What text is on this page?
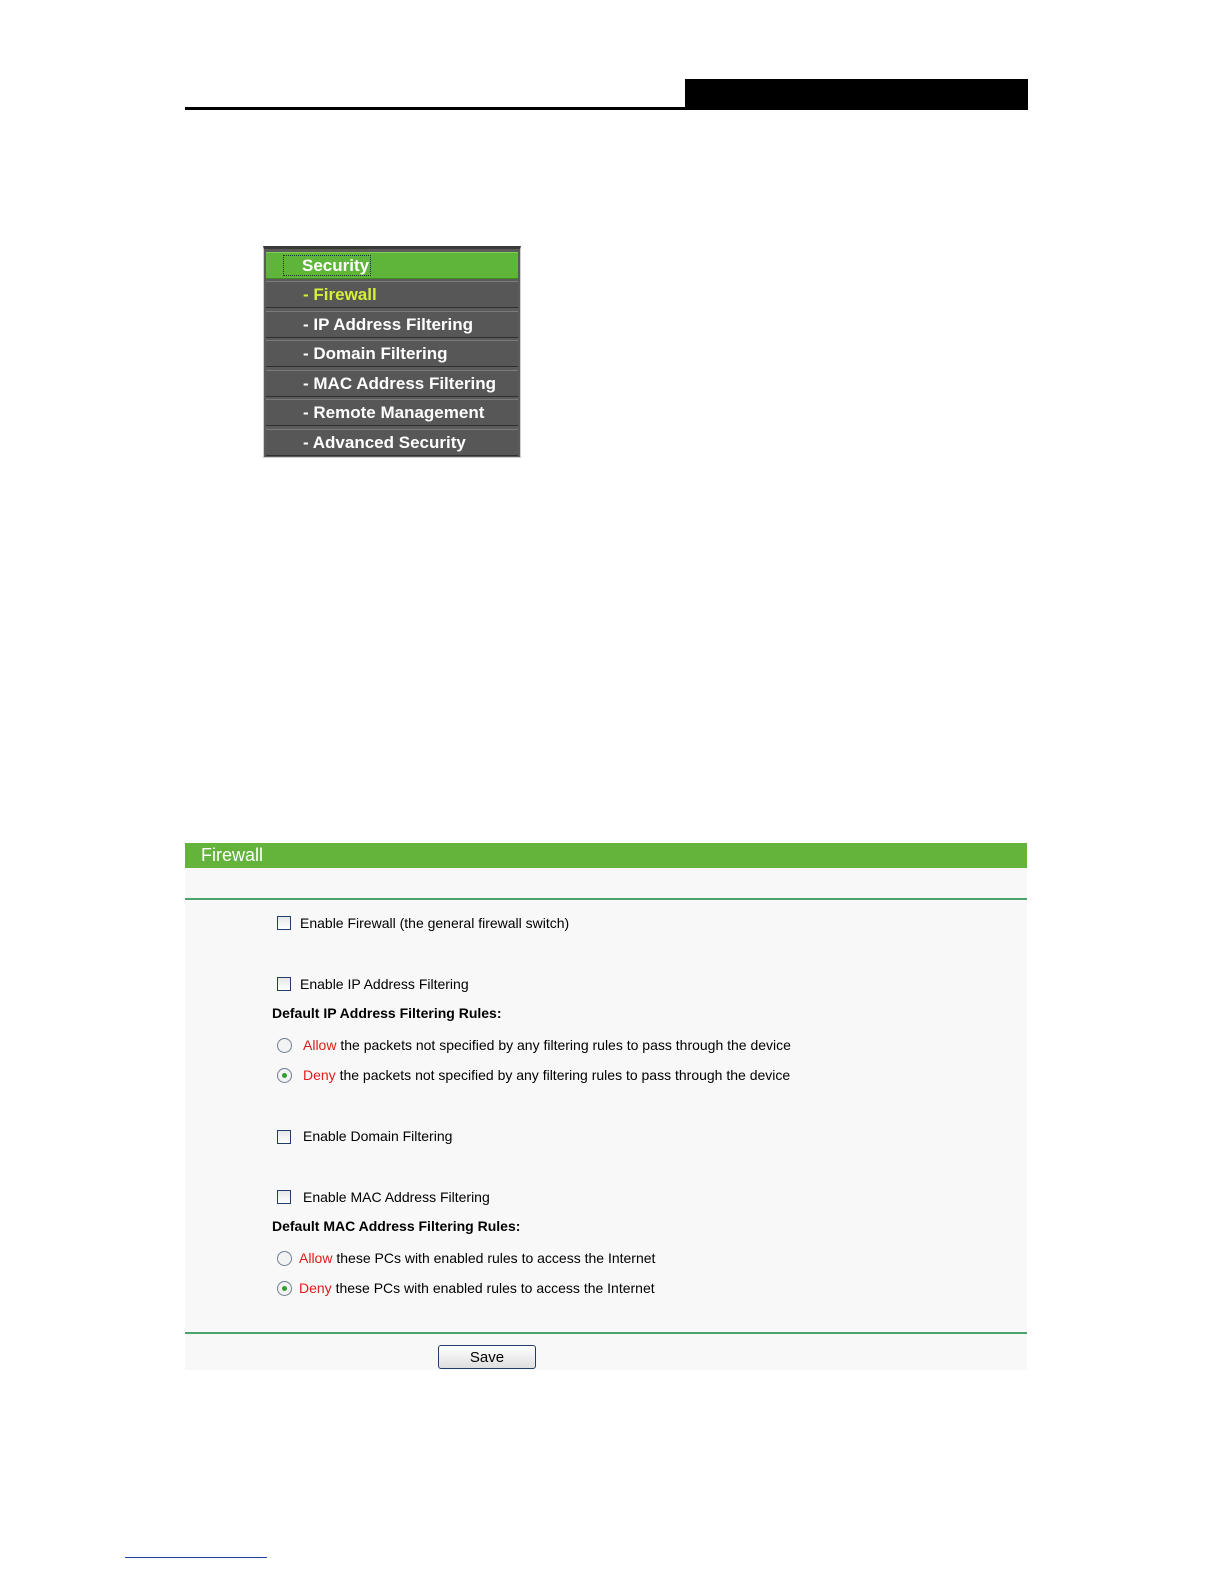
Security
- Firewall
- IP Address Filtering
- Domain Filtering
- MAC Address Filtering
- Remote Management
- Advanced Security
Firewall
Enable Firewall (the general firewall switch)
Enable IP Address Filtering
Default IP Address Filtering Rules:
Allow the packets not specified by any filtering rules to pass through the device
Deny the packets not specified by any filtering rules to pass through the device
Enable Domain Filtering
Enable MAC Address Filtering
Default MAC Address Filtering Rules:
Allow these PCs with enabled rules to access the Internet
Deny these PCs with enabled rules to access the Internet
Save
